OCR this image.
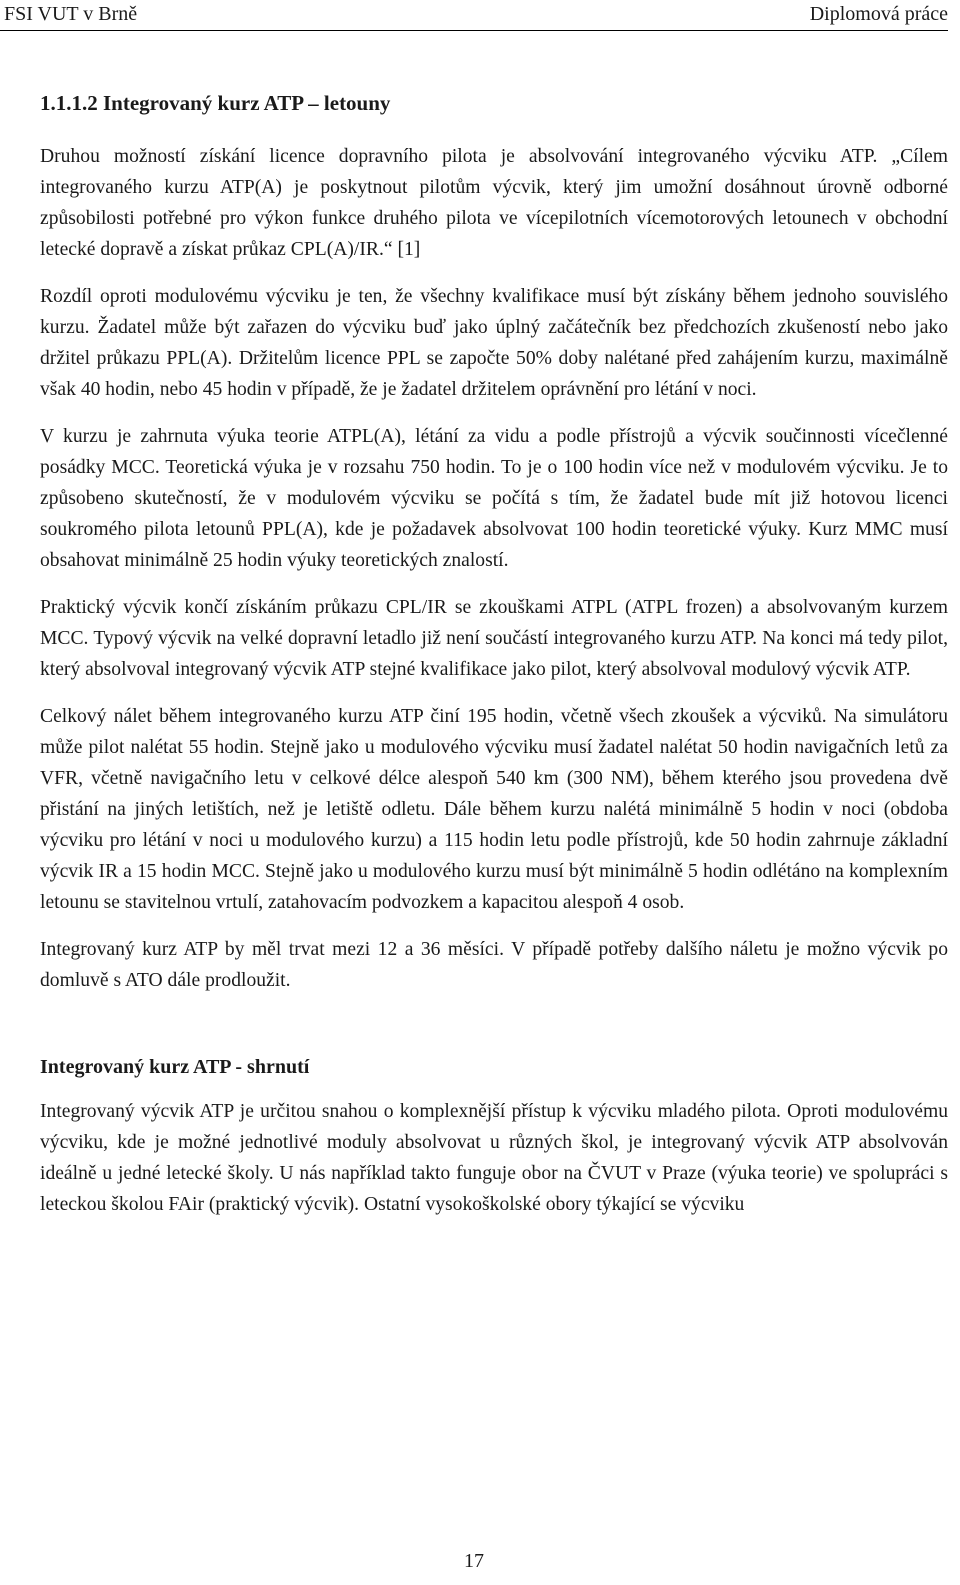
FSI VUT v Brně	Diplomová práce
1.1.1.2 Integrovaný kurz ATP – letouny

Druhou možností získání licence dopravního pilota je absolvování integrovaného výcviku ATP. „Cílem integrovaného kurzu ATP(A) je poskytnout pilotům výcvik, který jim umožní dosáhnout úrovně odborné způsobilosti potřebné pro výkon funkce druhého pilota ve vícepilotních vícemotorových letounech v obchodní letecké dopravě a získat průkaz CPL(A)/IR.“ [1]

Rozdíl oproti modulovému výcviku je ten, že všechny kvalifikace musí být získány během jednoho souvislého kurzu. Žadatel může být zařazen do výcviku buď jako úplný začátečník bez předchozích zkušeností nebo jako držitel průkazu PPL(A). Držitelům licence PPL se započte 50% doby nalétané před zahájením kurzu, maximálně však 40 hodin, nebo 45 hodin v případě, že je žadatel držitelem oprávnění pro létání v noci.

V kurzu je zahrnuta výuka teorie ATPL(A), létání za vidu a podle přístrojů a výcvik součinnosti vícečlenné posádky MCC. Teoretická výuka je v rozsahu 750 hodin. To je o 100 hodin více než v modulovém výcviku. Je to způsobeno skutečností, že v modulovém výcviku se počítá s tím, že žadatel bude mít již hotovou licenci soukromého pilota letounů PPL(A), kde je požadavek absolvovat 100 hodin teoretické výuky. Kurz MMC musí obsahovat minimálně 25 hodin výuky teoretických znalostí.

Praktický výcvik končí získáním průkazu CPL/IR se zkouškami ATPL (ATPL frozen) a absolvovaným kurzem MCC. Typový výcvik na velké dopravní letadlo již není součástí integrovaného kurzu ATP. Na konci má tedy pilot, který absolvoval integrovaný výcvik ATP stejné kvalifikace jako pilot, který absolvoval modulový výcvik ATP.

Celkový nálet během integrovaného kurzu ATP činí 195 hodin, včetně všech zkoušek a výcviků. Na simulátoru může pilot nalétat 55 hodin. Stejně jako u modulového výcviku musí žadatel nalétat 50 hodin navigačních letů za VFR, včetně navigačního letu v celkové délce alespoň 540 km (300 NM), během kterého jsou provedena dvě přistání na jiných letištích, než je letiště odletu. Dále během kurzu nalétá minimálně 5 hodin v noci (obdoba výcviku pro létání v noci u modulového kurzu) a 115 hodin letu podle přístrojů, kde 50 hodin zahrnuje základní výcvik IR a 15 hodin MCC. Stejně jako u modulového kurzu musí být minimálně 5 hodin odlétáno na komplexním letounu se stavitelnou vrtulí, zatahovacím podvozkem a kapacitou alespoň 4 osob.

Integrovaný kurz ATP by měl trvat mezi 12 a 36 měsíci. V případě potřeby dalšího náletu je možno výcvik po domluvě s ATO dále prodloužit.

Integrovaný kurz ATP - shrnutí

Integrovaný výcvik ATP je určitou snahou o komplexnější přístup k výcviku mladého pilota. Oproti modulovému výcviku, kde je možné jednotlivé moduly absolvovat u různých škol, je integrovaný výcvik ATP absolvován ideálně u jedné letecké školy. U nás například takto funguje obor na ČVUT v Praze (výuka teorie) ve spolupráci s leteckou školou FAir (praktický výcvik). Ostatní vysokoškolské obory týkající se výcviku

17
